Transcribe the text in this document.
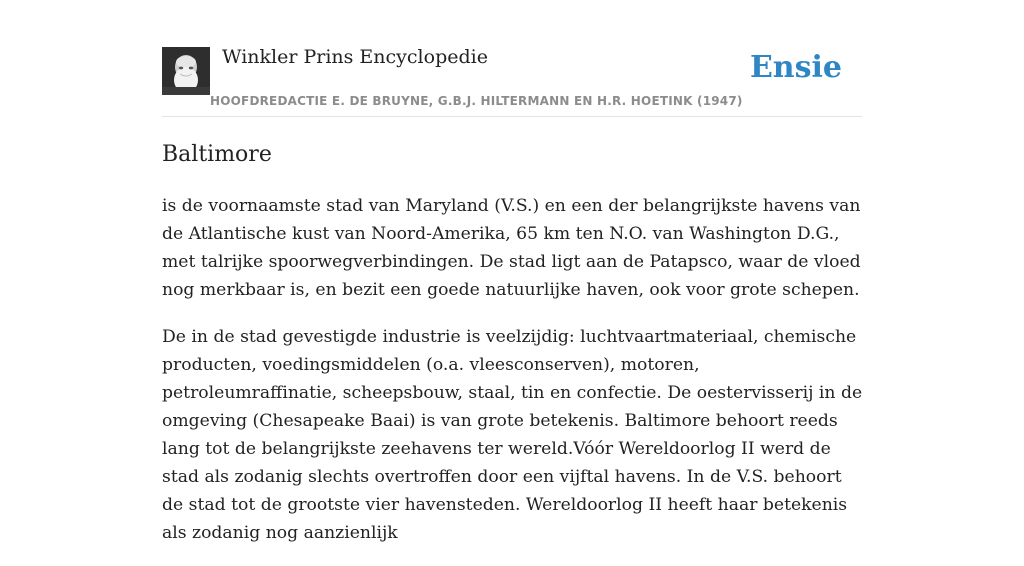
Winkler Prins Encyclopedie
HOOFDREDACTIE E. DE BRUYNE, G.B.J. HILTERMANN EN H.R. HOETINK (1947)
Ensie
Baltimore

is de voornaamste stad van Maryland (V.S.) en een der belangrijkste havens van de Atlantische kust van Noord-Amerika, 65 km ten N.O. van Washington D.G., met talrijke spoorwegverbindingen. De stad ligt aan de Patapsco, waar de vloed nog merkbaar is, en bezit een goede natuurlijke haven, ook voor grote schepen.

De in de stad gevestigde industrie is veelzijdig: luchtvaartmateriaal, chemische producten, voedingsmiddelen (o.a. vleesconserven), motoren, petroleumraffinatie, scheepsbouw, staal, tin en confectie. De oestervisserij in de omgeving (Chesapeake Baai) is van grote betekenis. Baltimore behoort reeds lang tot de belangrijkste zeehavens ter wereld.Vóór Wereldoorlog II werd de stad als zodanig slechts overtroffen door een vijftal havens. In de V.S. behoort de stad tot de grootste vier havensteden. Wereldoorlog II heeft haar betekenis als zodanig nog aanzienlijk
